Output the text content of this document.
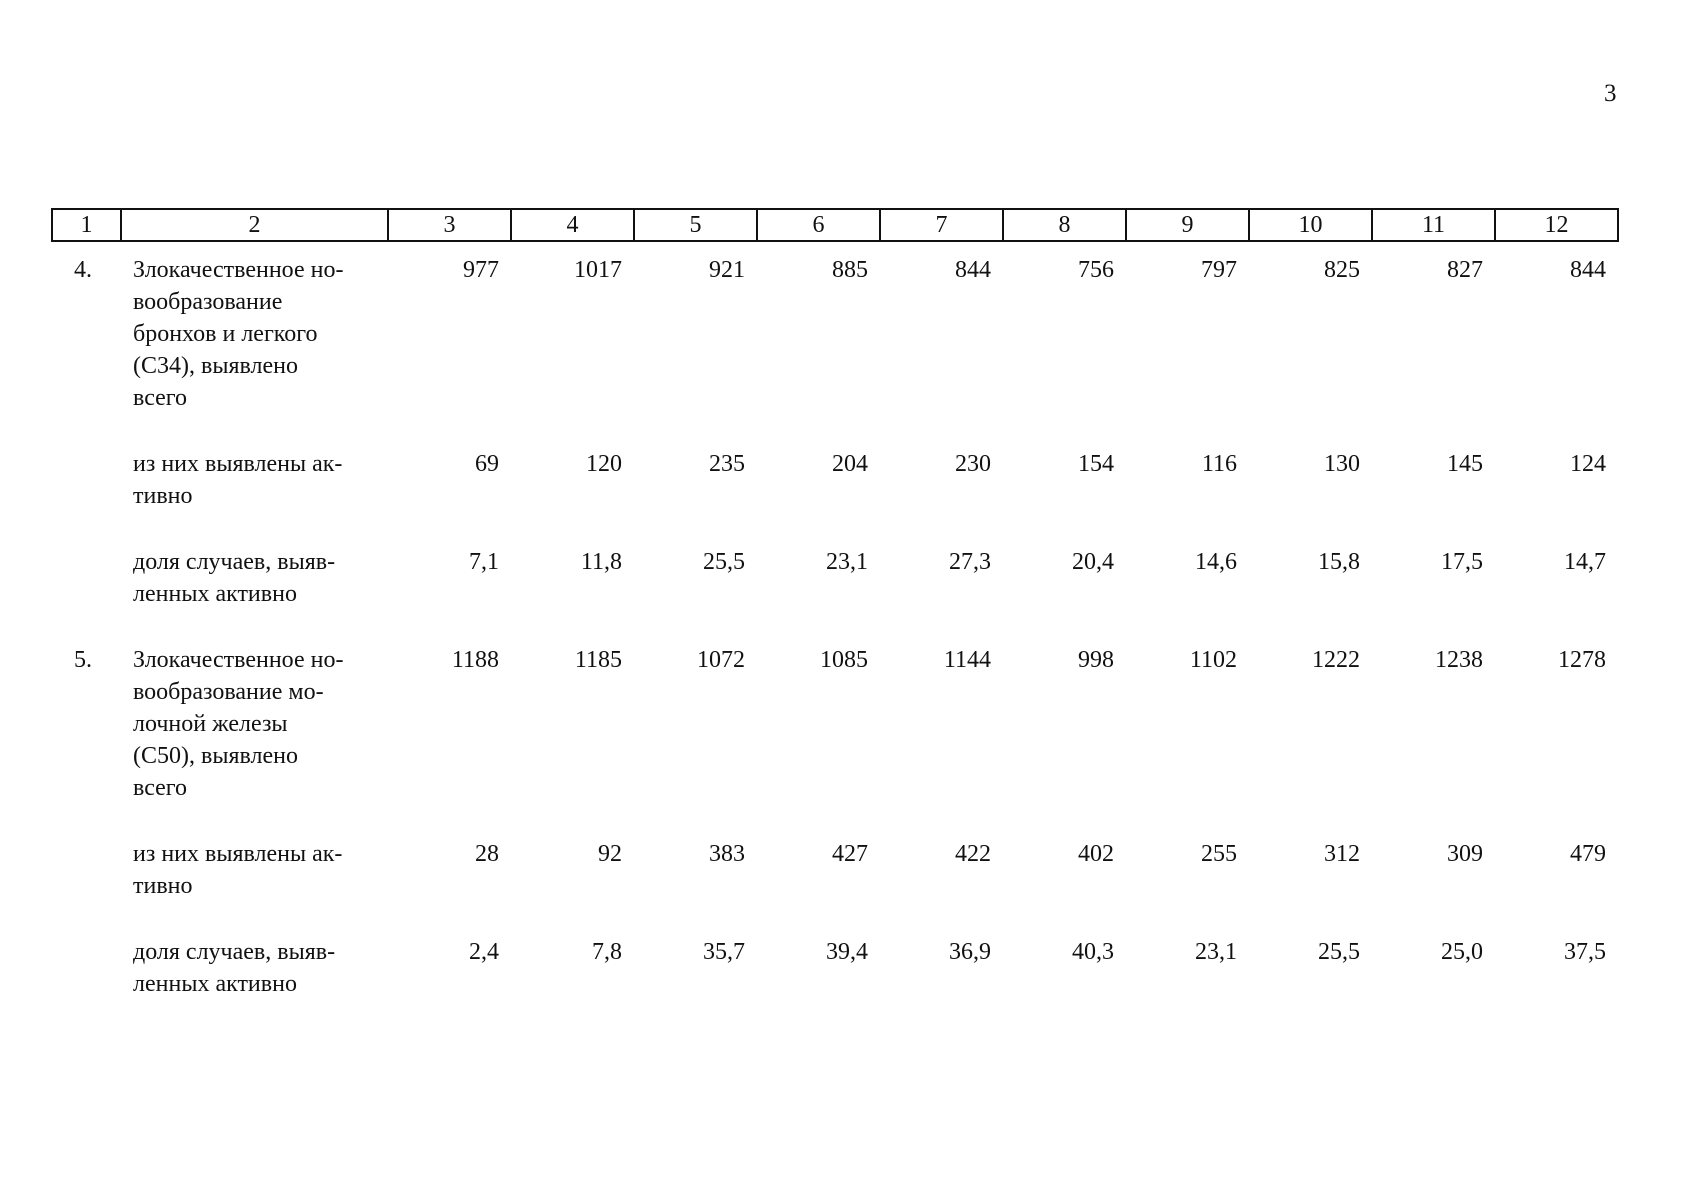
3
1	2	3	4	5	6	7	8	9	10	11	12
4.	Злокачественное но-
вообразование
бронхов и легкого
(С34), выявлено
всего	977	1017	921	885	844	756	797	825	827	844

	из них выявлены ак-
тивно	69	120	235	204	230	154	116	130	145	124

	доля случаев, выяв-
ленных активно	7,1	11,8	25,5	23,1	27,3	20,4	14,6	15,8	17,5	14,7
5.	Злокачественное но-
вообразование мо-
лочной железы
(С50), выявлено
всего	1188	1185	1072	1085	1144	998	1102	1222	1238	1278

	из них выявлены ак-
тивно	28	92	383	427	422	402	255	312	309	479

	доля случаев, выяв-
ленных активно	2,4	7,8	35,7	39,4	36,9	40,3	23,1	25,5	25,0	37,5
